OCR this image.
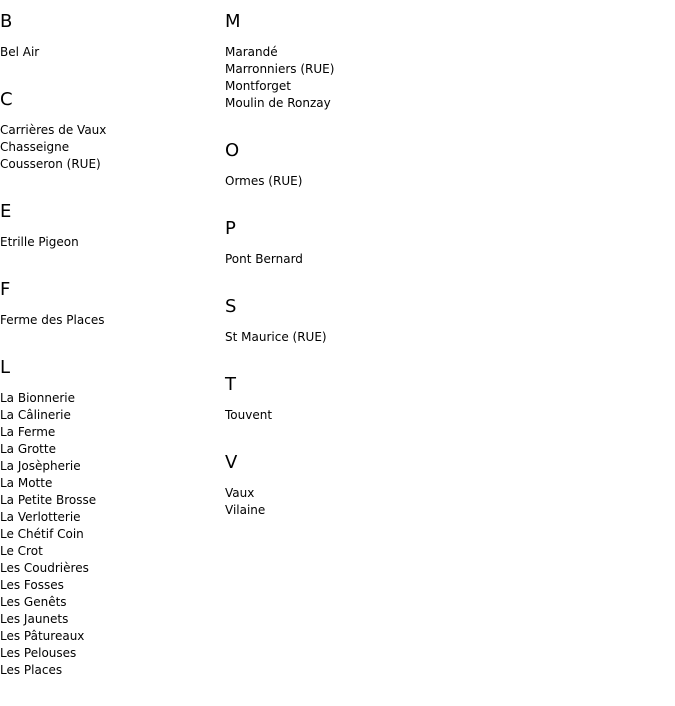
B
Bel Air
C
Carrières de Vaux
Chasseigne
Cousseron (RUE)
E
Etrille Pigeon
F
Ferme des Places
L
La Bionnerie
La Câlinerie
La Ferme
La Grotte
La Josèpherie
La Motte
La Petite Brosse
La Verlotterie
Le Chétif Coin
Le Crot
Les Coudrières
Les Fosses
Les Genêts
Les Jaunets
Les Pâtureaux
Les Pelouses
Les Places
M
Marandé
Marronniers (RUE)
Montforget
Moulin de Ronzay
O
Ormes (RUE)
P
Pont Bernard
S
St Maurice (RUE)
T
Touvent
V
Vaux
Vilaine
